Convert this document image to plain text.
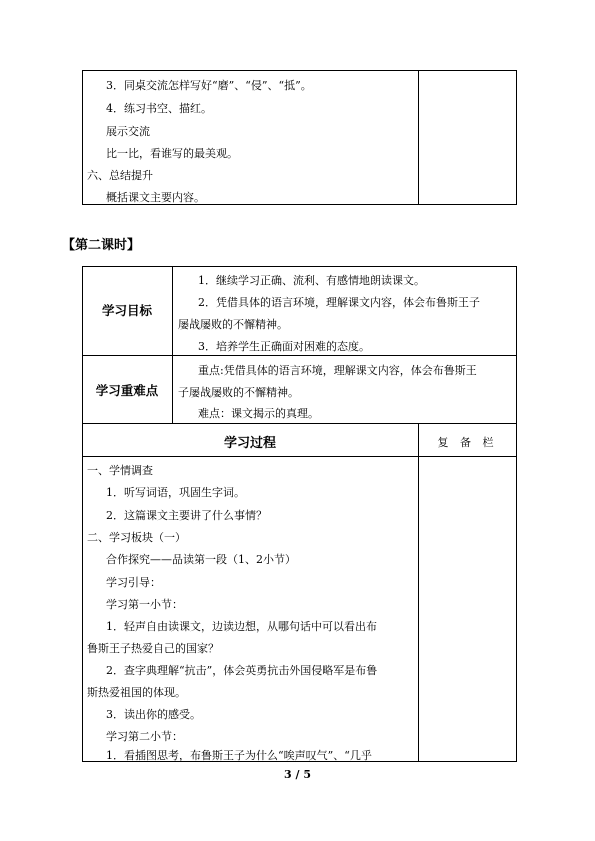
3．同桌交流怎样写好“磨”、“侵”、“抵”。
4．练习书空、描红。
展示交流
比一比，看谁写的最美观。
六、总结提升
概括课文主要内容。
【第二课时】
学习目标
1．继续学习正确、流利、有感情地朗读课文。
2．凭借具体的语言环境，理解课文内容，体会布鲁斯王子
屡战屡败的不懈精神。
3．培养学生正确面对困难的态度。
学习重难点
重点:凭借具体的语言环境，理解课文内容，体会布鲁斯王
子屡战屡败的不懈精神。
难点：课文揭示的真理。
学习过程	复 备 栏
一、学情调查
1．听写词语，巩固生字词。
2．这篇课文主要讲了什么事情？
二、学习板块（一）
合作探究——品读第一段（1、2小节）
学习引导：
学习第一小节：
1．轻声自由读课文，边读边想，从哪句话中可以看出布
鲁斯王子热爱自己的国家？
2．查字典理解“抗击”，体会英勇抗击外国侵略军是布鲁
斯热爱祖国的体现。
3．读出你的感受。
学习第二小节：
1．看插图思考，布鲁斯王子为什么“唉声叹气”、“几乎
3 / 5
